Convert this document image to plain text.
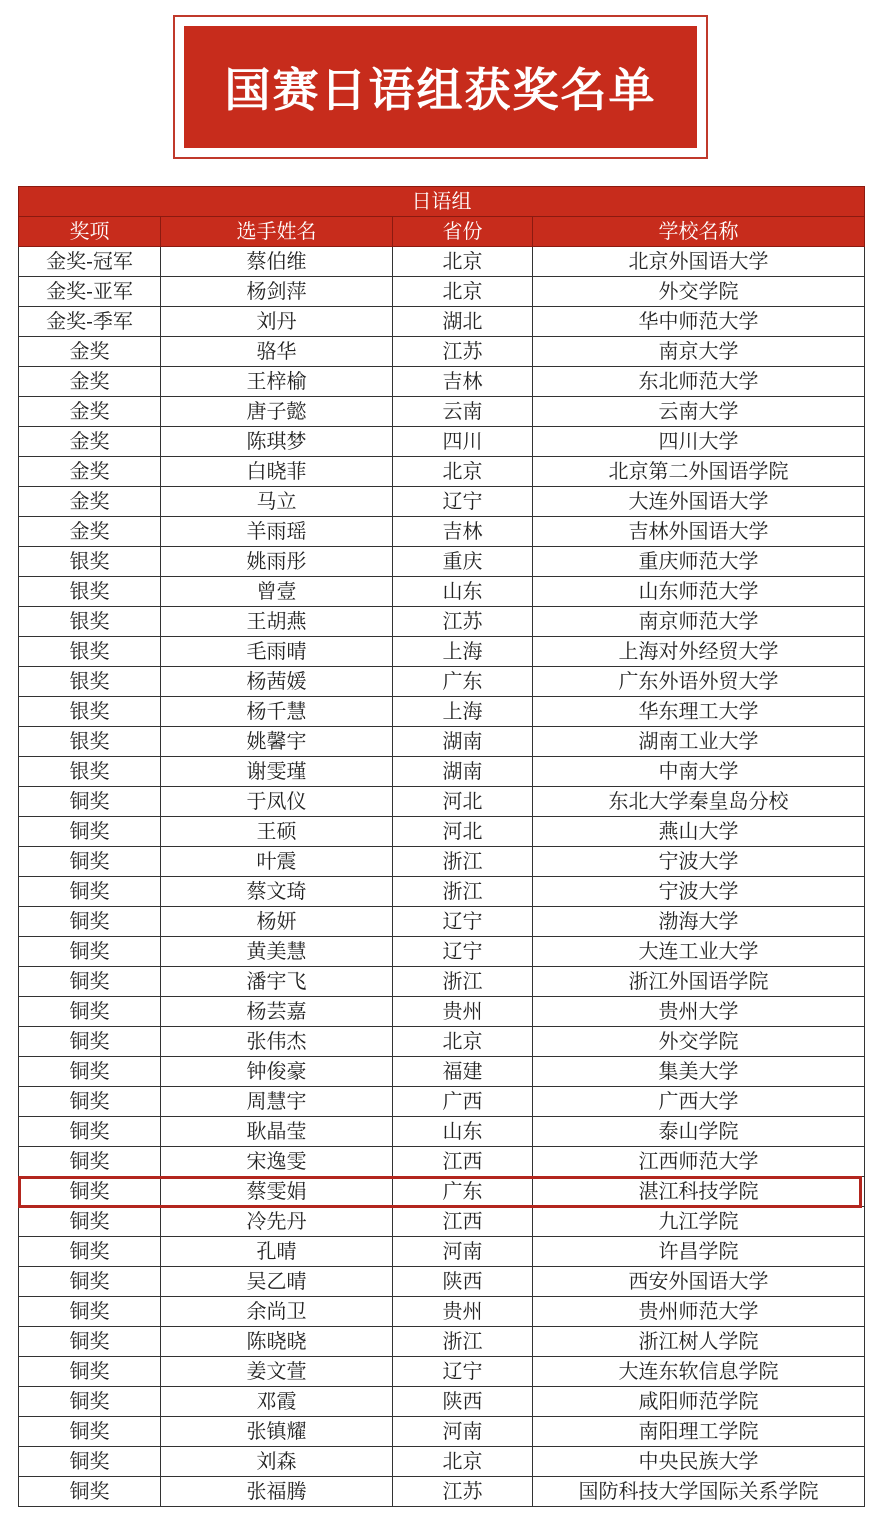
国赛日语组获奖名单
日语组			
奖项	选手姓名	省份	学校名称
金奖-冠军	蔡伯维	北京	北京外国语大学
金奖-亚军	杨剑萍	北京	外交学院
金奖-季军	刘丹	湖北	华中师范大学
金奖	骆华	江苏	南京大学
金奖	王梓榆	吉林	东北师范大学
金奖	唐子懿	云南	云南大学
金奖	陈琪梦	四川	四川大学
金奖	白晓菲	北京	北京第二外国语学院
金奖	马立	辽宁	大连外国语大学
金奖	羊雨瑶	吉林	吉林外国语大学
银奖	姚雨彤	重庆	重庆师范大学
银奖	曾壹	山东	山东师范大学
银奖	王胡燕	江苏	南京师范大学
银奖	毛雨晴	上海	上海对外经贸大学
银奖	杨茜媛	广东	广东外语外贸大学
银奖	杨千慧	上海	华东理工大学
银奖	姚馨宇	湖南	湖南工业大学
银奖	谢雯瑾	湖南	中南大学
铜奖	于凤仪	河北	东北大学秦皇岛分校
铜奖	王硕	河北	燕山大学
铜奖	叶震	浙江	宁波大学
铜奖	蔡文琦	浙江	宁波大学
铜奖	杨妍	辽宁	渤海大学
铜奖	黄美慧	辽宁	大连工业大学
铜奖	潘宇飞	浙江	浙江外国语学院
铜奖	杨芸嘉	贵州	贵州大学
铜奖	张伟杰	北京	外交学院
铜奖	钟俊豪	福建	集美大学
铜奖	周慧宇	广西	广西大学
铜奖	耿晶莹	山东	泰山学院
铜奖	宋逸雯	江西	江西师范大学
铜奖	蔡雯娟	广东	湛江科技学院
铜奖	冷先丹	江西	九江学院
铜奖	孔晴	河南	许昌学院
铜奖	吴乙晴	陕西	西安外国语大学
铜奖	余尚卫	贵州	贵州师范大学
铜奖	陈晓晓	浙江	浙江树人学院
铜奖	姜文萱	辽宁	大连东软信息学院
铜奖	邓霞	陕西	咸阳师范学院
铜奖	张镇耀	河南	南阳理工学院
铜奖	刘森	北京	中央民族大学
铜奖	张福腾	江苏	国防科技大学国际关系学院
